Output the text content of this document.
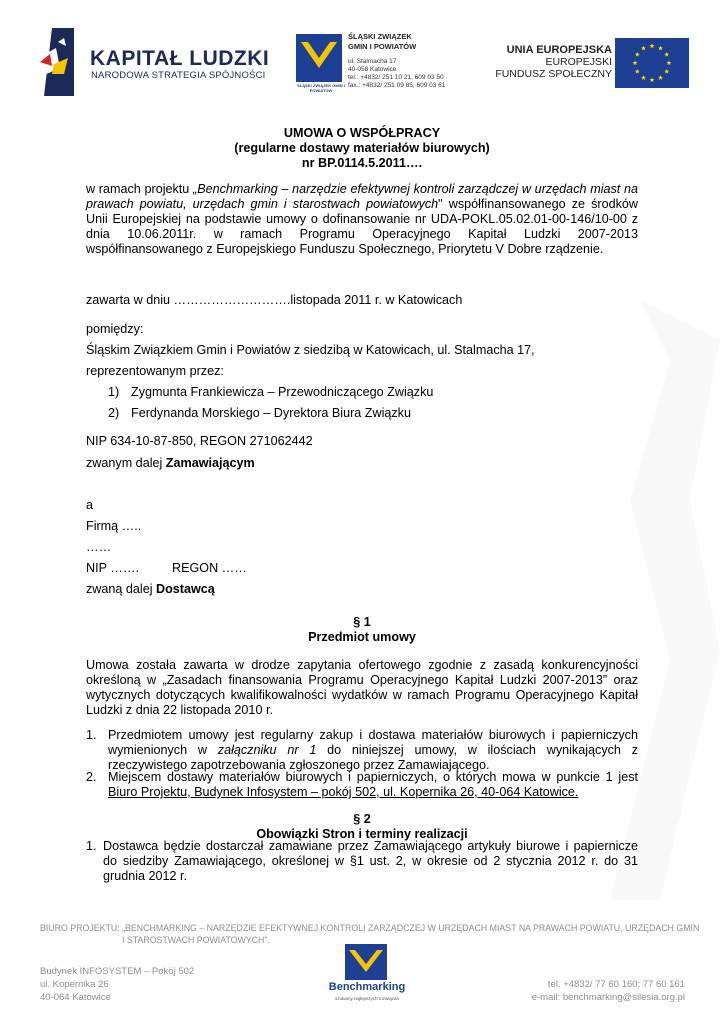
KAPITAŁ LUDZKI
NARODOWA STRATEGIA SPÓJNOŚCI
ŚLĄSKI ZWIĄZEK GMIN I POWIATÓW
ŚLĄSKI ZWIĄZEK
GMIN I POWIATÓW
ul. Stalmacha 17
40-058 Katowice
tel.: +4832/ 251 10 21, 609 03 50
fax.: +4832/ 251 09 85, 609 03 61
UNIA EUROPEJSKA
EUROPEJSKI
FUNDUSZ SPOŁECZNY
UMOWA O WSPÓŁPRACY
(regularne dostawy materiałów biurowych)
nr BP.0114.5.2011….
w ramach projektu „Benchmarking – narzędzie efektywnej kontroli zarządczej w urzędach miast na prawach powiatu, urzędach gmin i starostwach powiatowych" współfinansowanego ze środków Unii Europejskiej na podstawie umowy o dofinansowanie nr UDA-POKL.05.02.01-00-146/10-00 z dnia 10.06.2011r. w ramach Programu Operacyjnego Kapitał Ludzki 2007-2013 współfinansowanego z Europejskiego Funduszu Społecznego, Priorytetu V Dobre rządzenie.
zawarta w dniu ……………………….listopada 2011 r. w Katowicach
pomiędzy:
Śląskim Związkiem Gmin i Powiatów z siedzibą w Katowicach, ul. Stalmacha 17,
reprezentowanym przez:
1) Zygmunta Frankiewicza – Przewodniczącego Związku
2) Ferdynanda Morskiego – Dyrektora Biura Związku
NIP 634-10-87-850, REGON 271062442
zwanym dalej Zamawiającym
a
Firmą …..
……
NIP …….	REGON ……
zwaną dalej Dostawcą
§ 1
Przedmiot umowy
Umowa została zawarta w drodze zapytania ofertowego zgodnie z zasadą konkurencyjności określoną w „Zasadach finansowania Programu Operacyjnego Kapitał Ludzki 2007-2013” oraz wytycznych dotyczących kwalifikowalności wydatków w ramach Programu Operacyjnego Kapitał Ludzki z dnia 22 listopada 2010 r.
1. Przedmiotem umowy jest regularny zakup i dostawa materiałów biurowych i papierniczych wymienionych w załączniku nr 1 do niniejszej umowy, w ilościach wynikających z rzeczywistego zapotrzebowania zgłoszonego przez Zamawiającego.
2. Miejscem dostawy materiałów biurowych i papierniczych, o których mowa w punkcie 1 jest Biuro Projektu, Budynek Infosystem – pokój 502, ul. Kopernika 26, 40-064 Katowice.
§ 2
Obowiązki Stron i terminy realizacji
1. Dostawca będzie dostarczał zamawiane przez Zamawiającego artykuły biurowe i papiernicze do siedziby Zamawiającego, określonej w §1 ust. 2, w okresie od 2 stycznia 2012 r. do 31 grudnia 2012 r.
BIURO PROJEKTU: „BENCHMARKING – NARZĘDZIE EFEKTYWNEJ KONTROLI ZARZĄDCZEJ W URZĘDACH MIAST NA PRAWACH POWIATU, URZĘDACH GMIN
I STAROSTWACH POWIATOWYCH”.
Budynek INFOSYSTEM – Pokój 502
ul. Kopernika 26
40-064 Katowice
Benchmarking
szukamy najlepszych rozwiązań
tel. +4832/ 77 60 160; 77 60 161
e-mail: benchmarking@silesia.org.pl
